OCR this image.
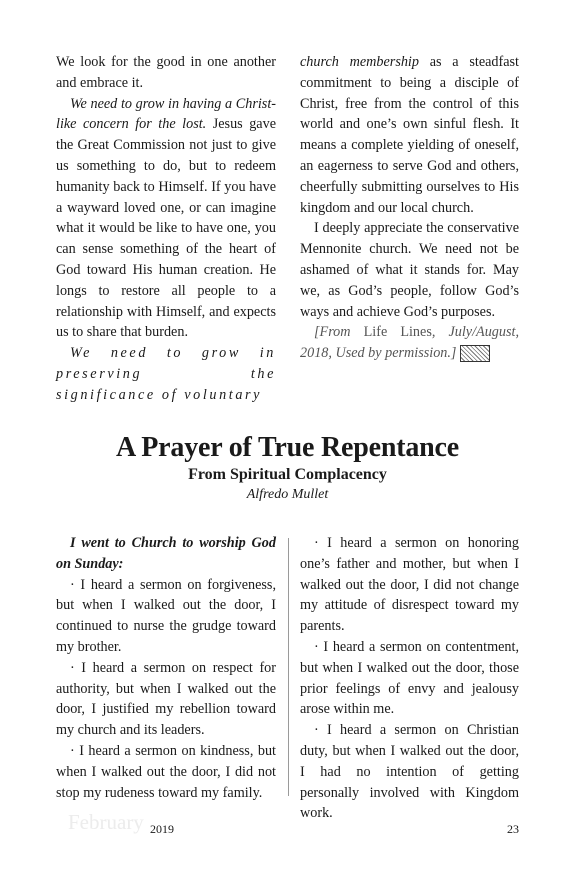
We look for the good in one another and embrace it.

We need to grow in having a Christ-like concern for the lost. Jesus gave the Great Commission not just to give us something to do, but to redeem humanity back to Himself. If you have a wayward loved one, or can imagine what it would be like to have one, you can sense something of the heart of God toward His human creation. He longs to restore all people to a relationship with Himself, and expects us to share that burden.

We need to grow in preserving the significance of voluntary

church membership as a steadfast commitment to being a disciple of Christ, free from the control of this world and one’s own sinful flesh. It means a complete yielding of oneself, an eagerness to serve God and others, cheerfully submitting ourselves to His kingdom and our local church.

I deeply appreciate the conservative Mennonite church. We need not be ashamed of what it stands for. May we, as God’s people, follow God’s ways and achieve God’s purposes.

[From Life Lines, July/August, 2018, Used by permission.]

A Prayer of True Repentance
From Spiritual Complacency

Alfredo Mullet

I went to Church to worship God on Sunday:

· I heard a sermon on forgiveness, but when I walked out the door, I continued to nurse the grudge toward my brother.

· I heard a sermon on respect for authority, but when I walked out the door, I justified my rebellion toward my church and its leaders.

· I heard a sermon on kindness, but when I walked out the door, I did not stop my rudeness toward my family.

· I heard a sermon on honoring one’s father and mother, but when I walked out the door, I did not change my attitude of disrespect toward my parents.

· I heard a sermon on contentment, but when I walked out the door, those prior feelings of envy and jealousy arose within me.

· I heard a sermon on Christian duty, but when I walked out the door, I had no intention of getting personally involved with Kingdom work.

February 2019	23
